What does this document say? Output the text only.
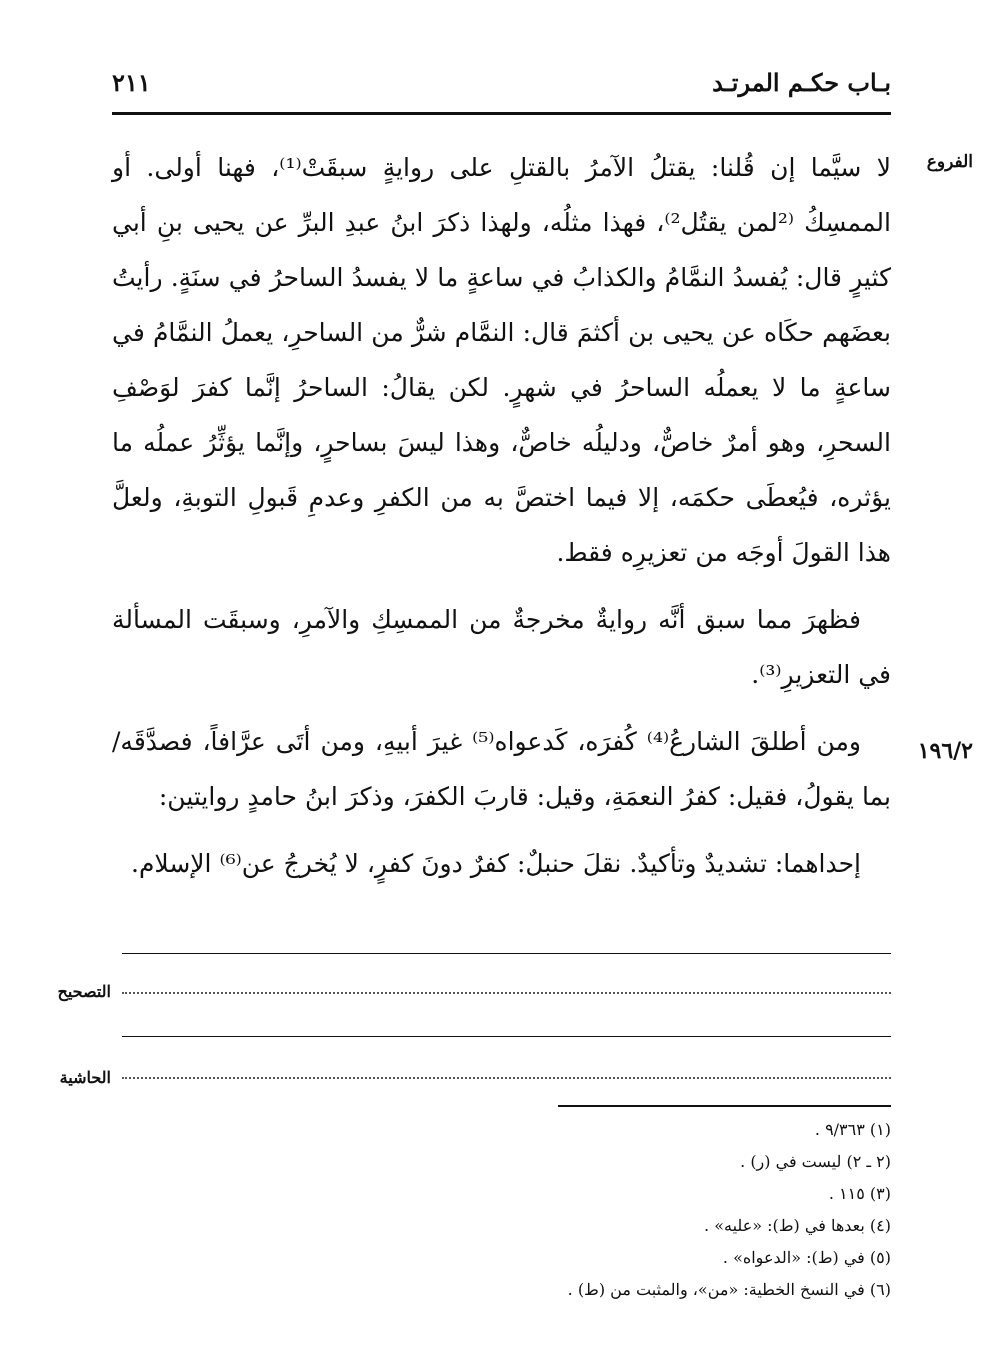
٢١١	بـاب حكـم المرتـد
الفروع
١٩٦/٢

لا سيَّما إن قُلنا: يقتلُ الآمرُ بالقتلِ على روايةٍ سبقَتْ⁽¹⁾، فهنا أولى. أو الممسِكُ ⁽²لمن يقتُل²⁾، فهذا مثلُه، ولهذا ذكرَ ابنُ عبدِ البرِّ عن يحيى بنِ أبي كثيرٍ قال: يُفسدُ النمَّامُ والكذابُ في ساعةٍ ما لا يفسدُ الساحرُ في سنَةٍ. رأيتُ بعضَهم حكَاه عن يحيى بن أكثمَ قال: النمَّام شرٌّ من الساحرِ، يعملُ النمَّامُ في ساعةٍ ما لا يعملُه الساحرُ في شهرٍ. لكن يقالُ: الساحرُ إنَّما كفرَ لوَصْفِ السحرِ، وهو أمرٌ خاصٌّ، ودليلُه خاصٌّ، وهذا ليسَ بساحرٍ، وإنَّما يؤثِّرُ عملُه ما يؤثره، فيُعطَى حكمَه، إلا فيما اختصَّ به من الكفرِ وعدمِ قَبولِ التوبةِ، ولعلَّ هذا القولَ أوجَه من تعزيرِه فقط.

فظهرَ مما سبق أنَّه روايةٌ مخرجةٌ من الممسِكِ والآمرِ، وسبقَت المسألة في التعزيرِ⁽³⁾.

ومن أطلقَ الشارعُ⁽⁴⁾ كُفرَه، كَدعواه⁽⁵⁾ غيرَ أبيهِ، ومن أتَى عرَّافاً، فصدَّقَه/ بما يقولُ، فقيل: كفرُ النعمَةِ، وقيل: قاربَ الكفرَ، وذكرَ ابنُ حامدٍ روايتين:

إحداهما: تشديدٌ وتأكيدٌ. نقلَ حنبلٌ: كفرٌ دونَ كفرٍ، لا يُخرجُ عن⁽⁶⁾ الإسلام.

التصحيح
الحاشية
(١) ٩/٣٦٣ .
(٢ ـ ٢) ليست في (ر) .
(٣) ١١٥ .
(٤) بعدها في (ط): «عليه» .
(٥) في (ط): «الدعواه» .
(٦) في النسخ الخطية: «من»، والمثبت من (ط) .
